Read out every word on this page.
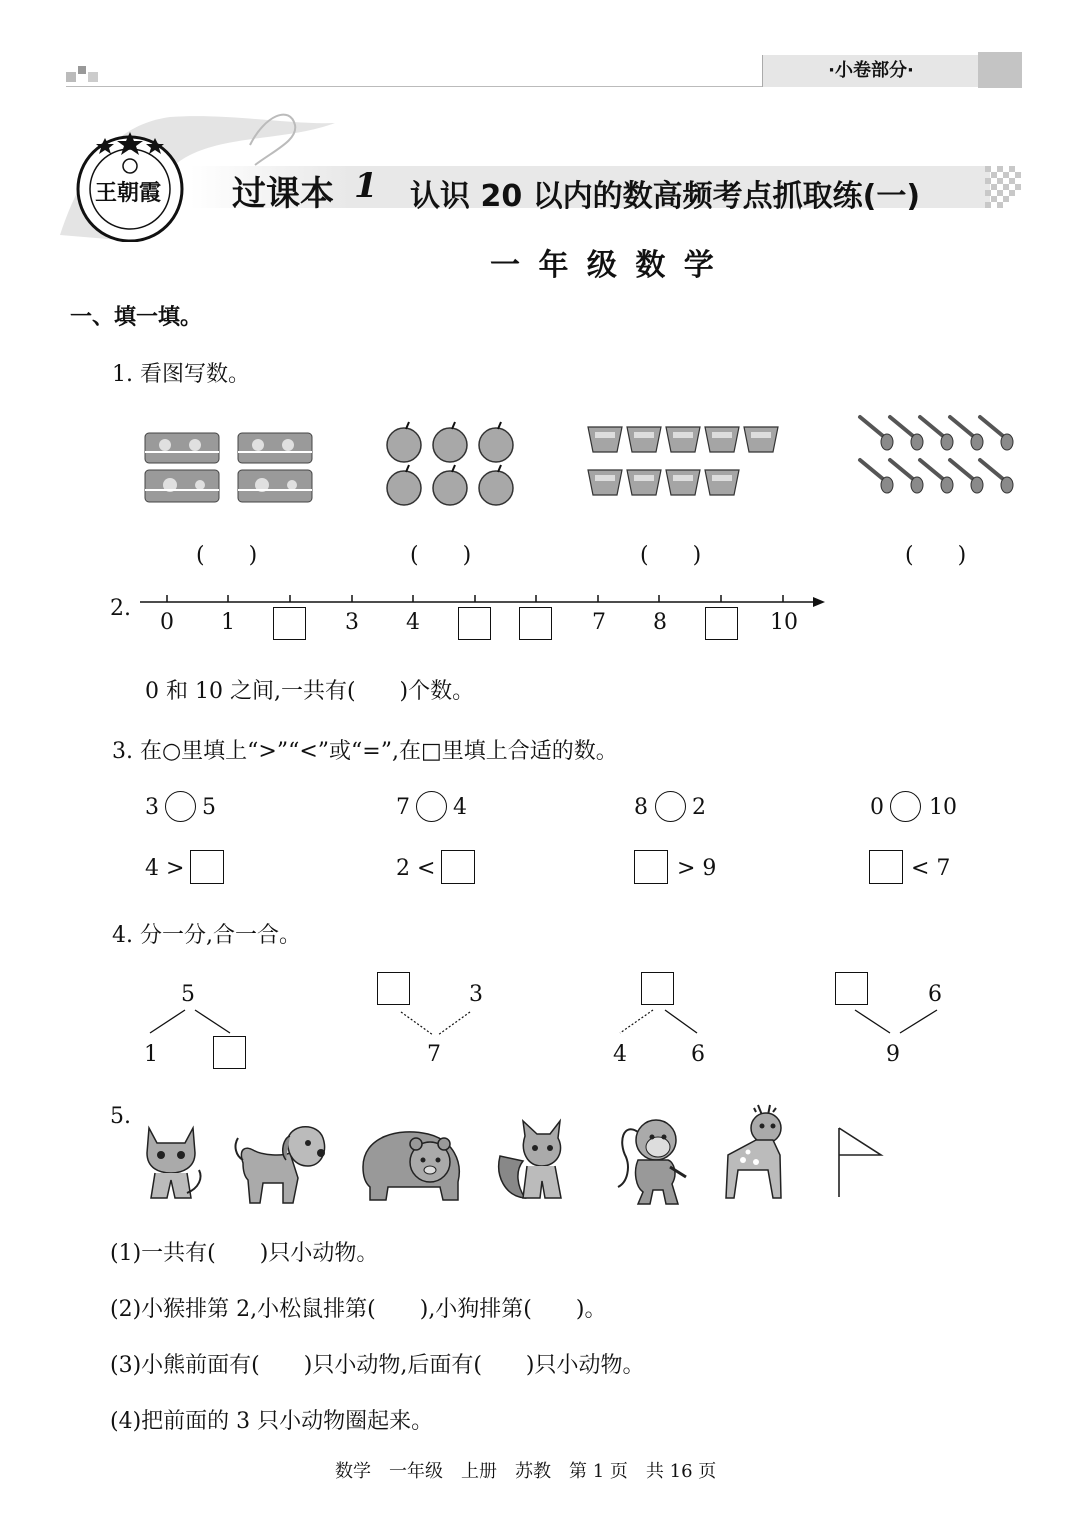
·小卷部分·
王朝霞 过课本 1 认识 20 以内的数高频考点抓取练(一)
一 年 级 数 学
一、填一填。
1. 看图写数。
(　　)	(　　)	(　　)	(　　)
2.
0 1	3 4	7 8	10
0 和 10 之间,一共有(　　)个数。
3. 在○里填上“>”“<”或“=”,在□里填上合适的数。
3 5	7 4	8 2	0 10
4 >	2 <	> 9	< 7
4. 分一分,合一合。
5
1
3
7	4	6
6
9
5.
(1)一共有(　　)只小动物。
(2)小猴排第 2,小松鼠排第(　　),小狗排第(　　)。
(3)小熊前面有(　　)只小动物,后面有(　　)只小动物。
(4)把前面的 3 只小动物圈起来。
数学　一年级　上册　苏教　第 1 页　共 16 页
